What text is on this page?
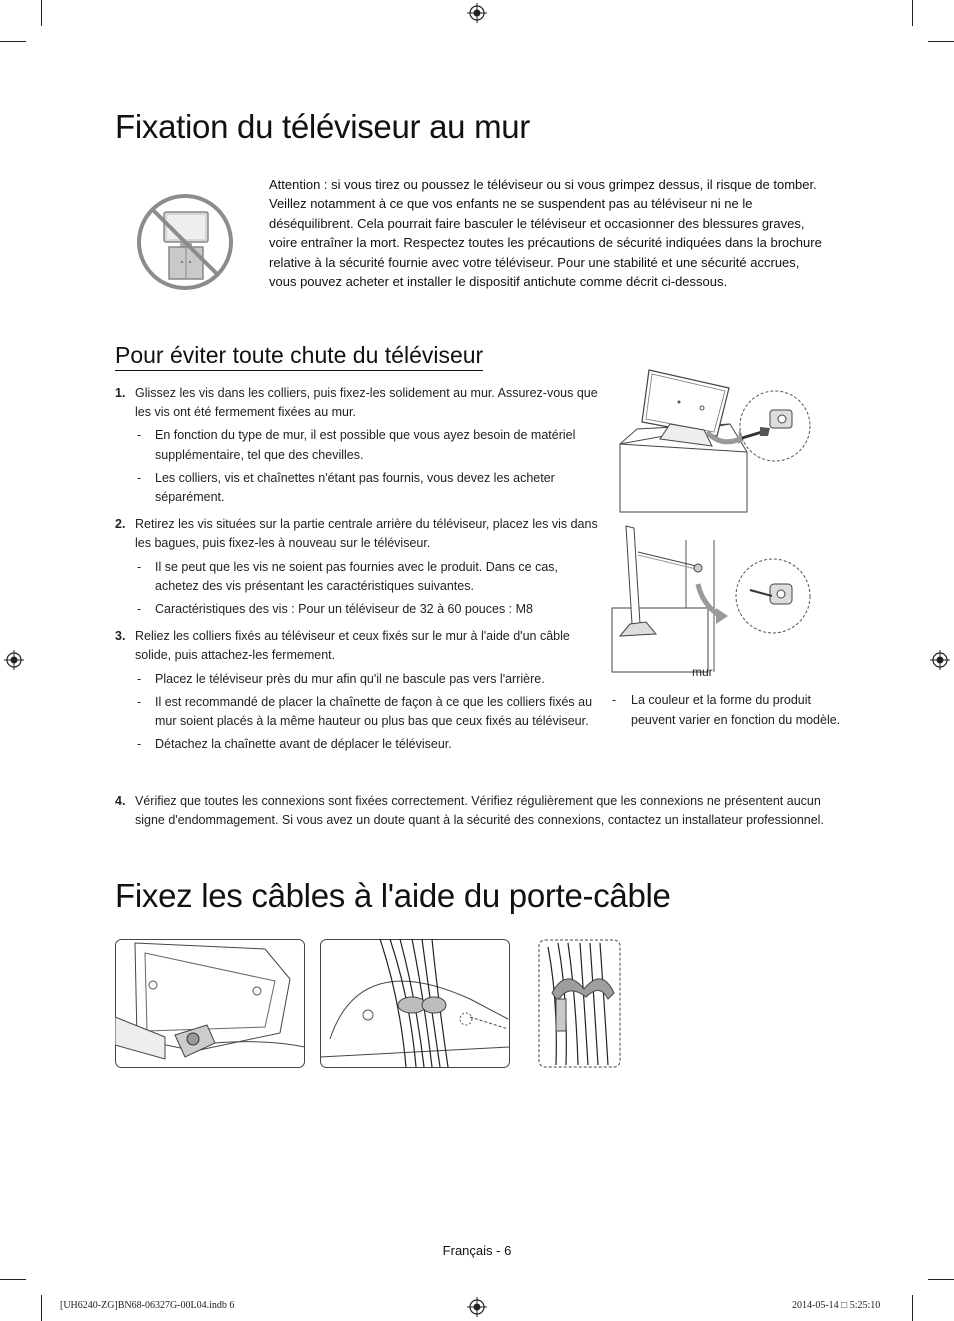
Fixation du téléviseur au mur
Attention : si vous tirez ou poussez le téléviseur ou si vous grimpez dessus, il risque de tomber. Veillez notamment à ce que vos enfants ne se suspendent pas au téléviseur ni ne le déséquilibrent. Cela pourrait faire basculer le téléviseur et occasionner des blessures graves, voire entraîner la mort. Respectez toutes les précautions de sécurité indiquées dans la brochure relative à la sécurité fournie avec votre téléviseur. Pour une stabilité et une sécurité accrues, vous pouvez acheter et installer le dispositif antichute comme décrit ci-dessous.
Pour éviter toute chute du téléviseur
1. Glissez les vis dans les colliers, puis fixez-les solidement au mur. Assurez-vous que les vis ont été fermement fixées au mur.
- En fonction du type de mur, il est possible que vous ayez besoin de matériel supplémentaire, tel que des chevilles.
- Les colliers, vis et chaînettes n'étant pas fournis, vous devez les acheter séparément.
2. Retirez les vis situées sur la partie centrale arrière du téléviseur, placez les vis dans les bagues, puis fixez-les à nouveau sur le téléviseur.
- Il se peut que les vis ne soient pas fournies avec le produit. Dans ce cas, achetez des vis présentant les caractéristiques suivantes.
- Caractéristiques des vis : Pour un téléviseur de 32 à 60 pouces : M8
3. Reliez les colliers fixés au téléviseur et ceux fixés sur le mur à l'aide d'un câble solide, puis attachez-les fermement.
- Placez le téléviseur près du mur afin qu'il ne bascule pas vers l'arrière.
- Il est recommandé de placer la chaînette de façon à ce que les colliers fixés au mur soient placés à la même hauteur ou plus bas que ceux fixés au téléviseur.
- Détachez la chaînette avant de déplacer le téléviseur.
4. Vérifiez que toutes les connexions sont fixées correctement. Vérifiez régulièrement que les connexions ne présentent aucun signe d'endommagement. Si vous avez un doute quant à la sécurité des connexions, contactez un installateur professionnel.
mur
- La couleur et la forme du produit peuvent varier en fonction du modèle.
Fixez les câbles à l'aide du porte-câble
Français - 6
[UH6240-ZG]BN68-06327G-00L04.indb 6	2014-05-14 □ 5:25:10
